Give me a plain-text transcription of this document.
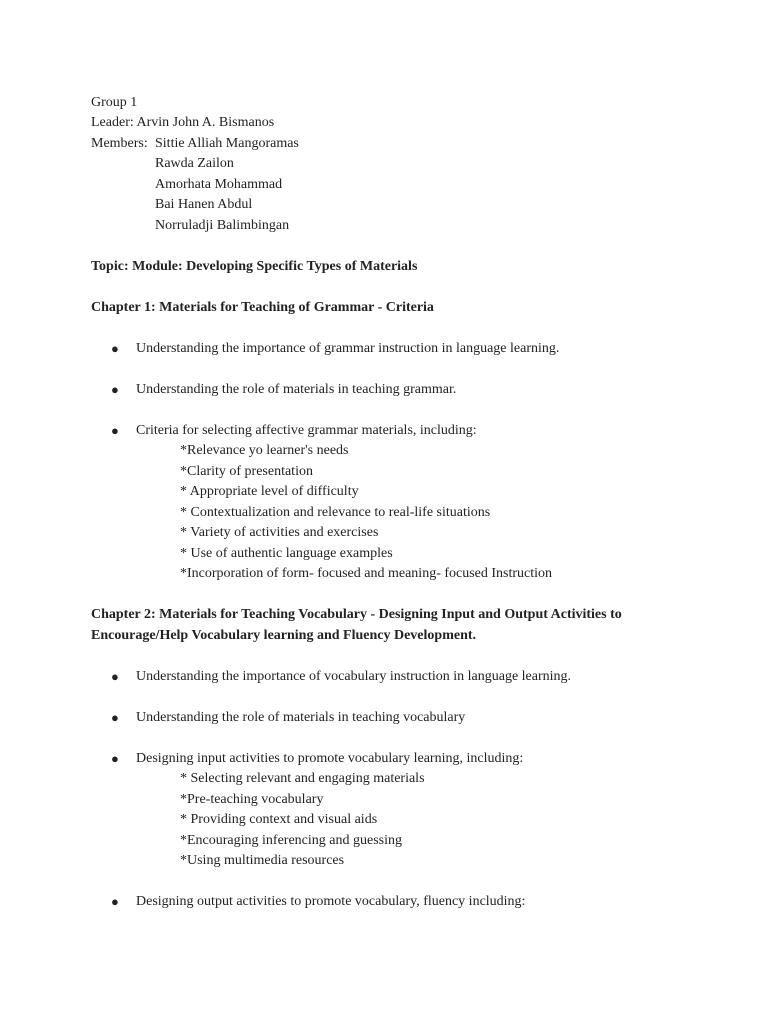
Group 1
Leader: Arvin John A. Bismanos
Members: Sittie Alliah Mangoramas
Rawda Zailon
Amorhata Mohammad
Bai Hanen Abdul
Norruladji Balimbingan
Topic: Module: Developing Specific Types of Materials
Chapter 1: Materials for Teaching of Grammar - Criteria
● Understanding the importance of grammar instruction in language learning.
● Understanding the role of materials in teaching grammar.
● Criteria for selecting affective grammar materials, including:
*Relevance yo learner's needs
*Clarity of presentation
* Appropriate level of difficulty
* Contextualization and relevance to real-life situations
* Variety of activities and exercises
* Use of authentic language examples
*Incorporation of form- focused and meaning- focused Instruction
Chapter 2: Materials for Teaching Vocabulary - Designing Input and Output Activities to
Encourage/Help Vocabulary learning and Fluency Development.
● Understanding the importance of vocabulary instruction in language learning.
● Understanding the role of materials in teaching vocabulary
● Designing input activities to promote vocabulary learning, including:
* Selecting relevant and engaging materials
*Pre-teaching vocabulary
* Providing context and visual aids
*Encouraging inferencing and guessing
*Using multimedia resources
● Designing output activities to promote vocabulary, fluency including:
